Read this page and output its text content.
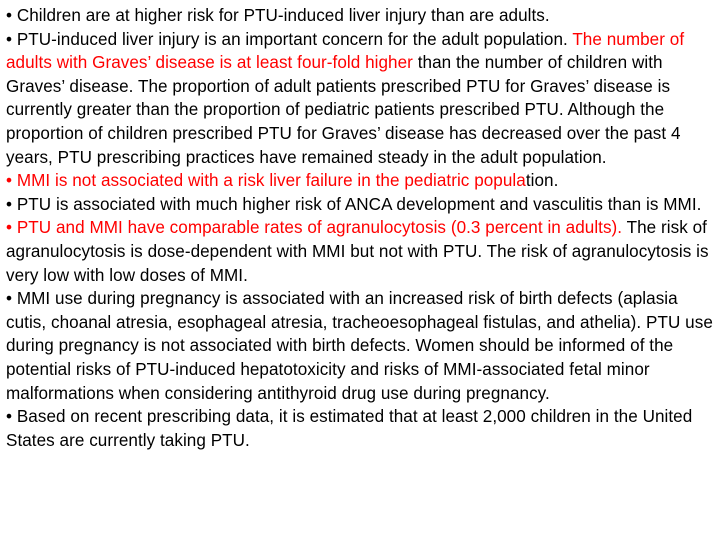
• Children are at higher risk for PTU-induced liver injury than are adults.

• PTU-induced liver injury is an important concern for the adult population. The number of adults with Graves’ disease is at least four-fold higher than the number of children with Graves’ disease. The proportion of adult patients prescribed PTU for Graves’ disease is currently greater than the proportion of pediatric patients prescribed PTU. Although the proportion of children prescribed PTU for Graves’ disease has decreased over the past 4 years, PTU prescribing practices have remained steady in the adult population.

• MMI is not associated with a risk liver failure in the pediatric population.

• PTU is associated with much higher risk of ANCA development and vasculitis than is MMI.

• PTU and MMI have comparable rates of agranulocytosis (0.3 percent in adults). The risk of agranulocytosis is dose-dependent with MMI but not with PTU. The risk of agranulocytosis is very low with low doses of MMI.

• MMI use during pregnancy is associated with an increased risk of birth defects (aplasia cutis, choanal atresia, esophageal atresia, tracheoesophageal fistulas, and athelia). PTU use during pregnancy is not associated with birth defects. Women should be informed of the potential risks of PTU-induced hepatotoxicity and risks of MMI-associated fetal minor malformations when considering antithyroid drug use during pregnancy.

• Based on recent prescribing data, it is estimated that at least 2,000 children in the United States are currently taking PTU.
